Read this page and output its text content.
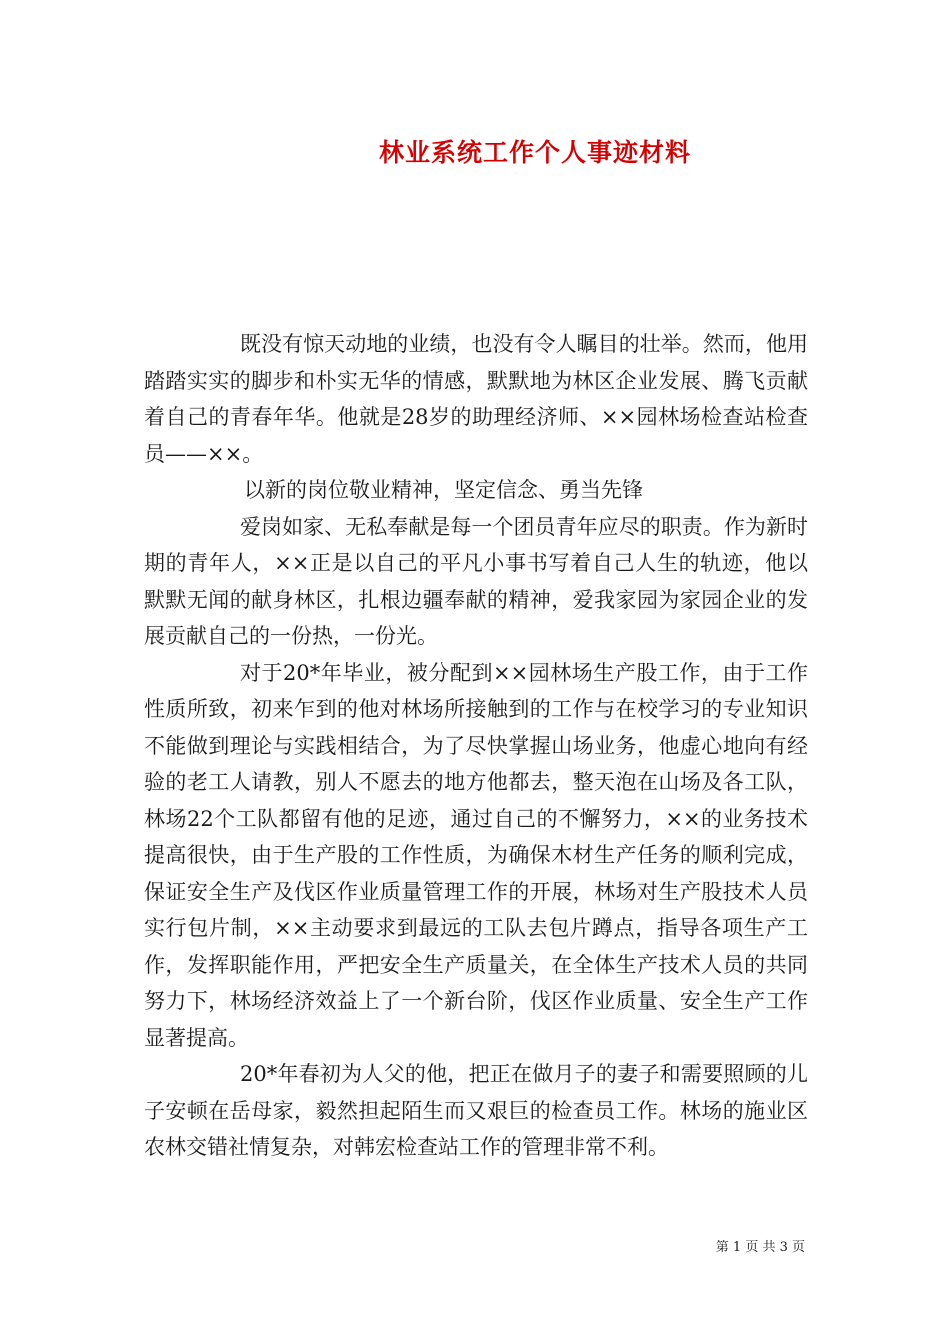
林业系统工作个人事迹材料

既没有惊天动地的业绩，也没有令人瞩目的壮举。然而，他用踏踏实实的脚步和朴实无华的情感，默默地为林区企业发展、腾飞贡献着自己的青春年华。他就是28岁的助理经济师、××园林场检查站检查员——××。

以新的岗位敬业精神，坚定信念、勇当先锋

爱岗如家、无私奉献是每一个团员青年应尽的职责。作为新时期的青年人，××正是以自己的平凡小事书写着自己人生的轨迹，他以默默无闻的献身林区，扎根边疆奉献的精神，爱我家园为家园企业的发展贡献自己的一份热，一份光。

对于20*年毕业，被分配到××园林场生产股工作，由于工作性质所致，初来乍到的他对林场所接触到的工作与在校学习的专业知识不能做到理论与实践相结合，为了尽快掌握山场业务，他虚心地向有经验的老工人请教，别人不愿去的地方他都去，整天泡在山场及各工队，林场22个工队都留有他的足迹，通过自己的不懈努力，××的业务技术提高很快，由于生产股的工作性质，为确保木材生产任务的顺利完成，保证安全生产及伐区作业质量管理工作的开展，林场对生产股技术人员实行包片制，××主动要求到最远的工队去包片蹲点，指导各项生产工作，发挥职能作用，严把安全生产质量关，在全体生产技术人员的共同努力下，林场经济效益上了一个新台阶，伐区作业质量、安全生产工作显著提高。

20*年春初为人父的他，把正在做月子的妻子和需要照顾的儿子安顿在岳母家，毅然担起陌生而又艰巨的检查员工作。林场的施业区农林交错社情复杂，对韩宏检查站工作的管理非常不利。

第 1 页 共 3 页
